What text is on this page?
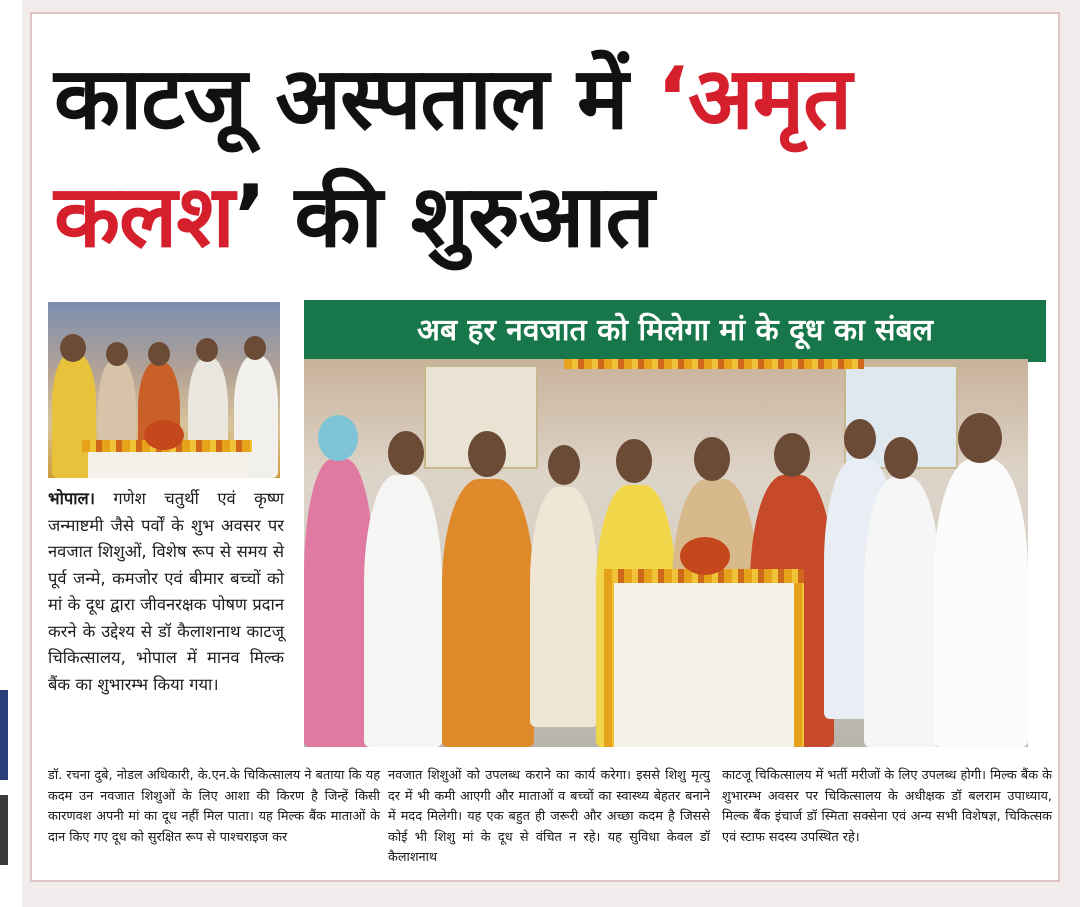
काटजू अस्पताल में ‘अमृत
कलश’ की शुरुआत
अब हर नवजात को मिलेगा मां के दूध का संबल

भोपाल। गणेश चतुर्थी एवं कृष्ण जन्माष्टमी जैसे पर्वों के शुभ अवसर पर नवजात शिशुओं, विशेष रूप से समय से पूर्व जन्मे, कमजोर एवं बीमार बच्चों को मां के दूध द्वारा जीवनरक्षक पोषण प्रदान करने के उद्देश्य से डॉ कैलाशनाथ काटजू चिकित्सालय, भोपाल में मानव मिल्क बैंक का शुभारम्भ किया गया।

डॉ. रचना दुबे, नोडल अधिकारी, के.एन.के चिकित्सालय ने बताया कि यह कदम उन नवजात शिशुओं के लिए आशा की किरण है जिन्हें किसी कारणवश अपनी मां का दूध नहीं मिल पाता। यह मिल्क बैंक माताओं के दान किए गए दूध को सुरक्षित रूप से पाश्चराइज कर

नवजात शिशुओं को उपलब्ध कराने का कार्य करेगा। इससे शिशु मृत्यु दर में भी कमी आएगी और माताओं व बच्चों का स्वास्थ्य बेहतर बनाने में मदद मिलेगी। यह एक बहुत ही जरूरी और अच्छा कदम है जिससे कोई भी शिशु मां के दूध से वंचित न रहे। यह सुविधा केवल डॉ कैलाशनाथ

काटजू चिकित्सालय में भर्ती मरीजों के लिए उपलब्ध होगी। मिल्क बैंक के शुभारम्भ अवसर पर चिकित्सालय के अधीक्षक डॉ बलराम उपाध्याय, मिल्क बैंक इंचार्ज डॉ स्मिता सक्सेना एवं अन्य सभी विशेषज्ञ, चिकित्सक एवं स्टाफ सदस्य उपस्थित रहे।
